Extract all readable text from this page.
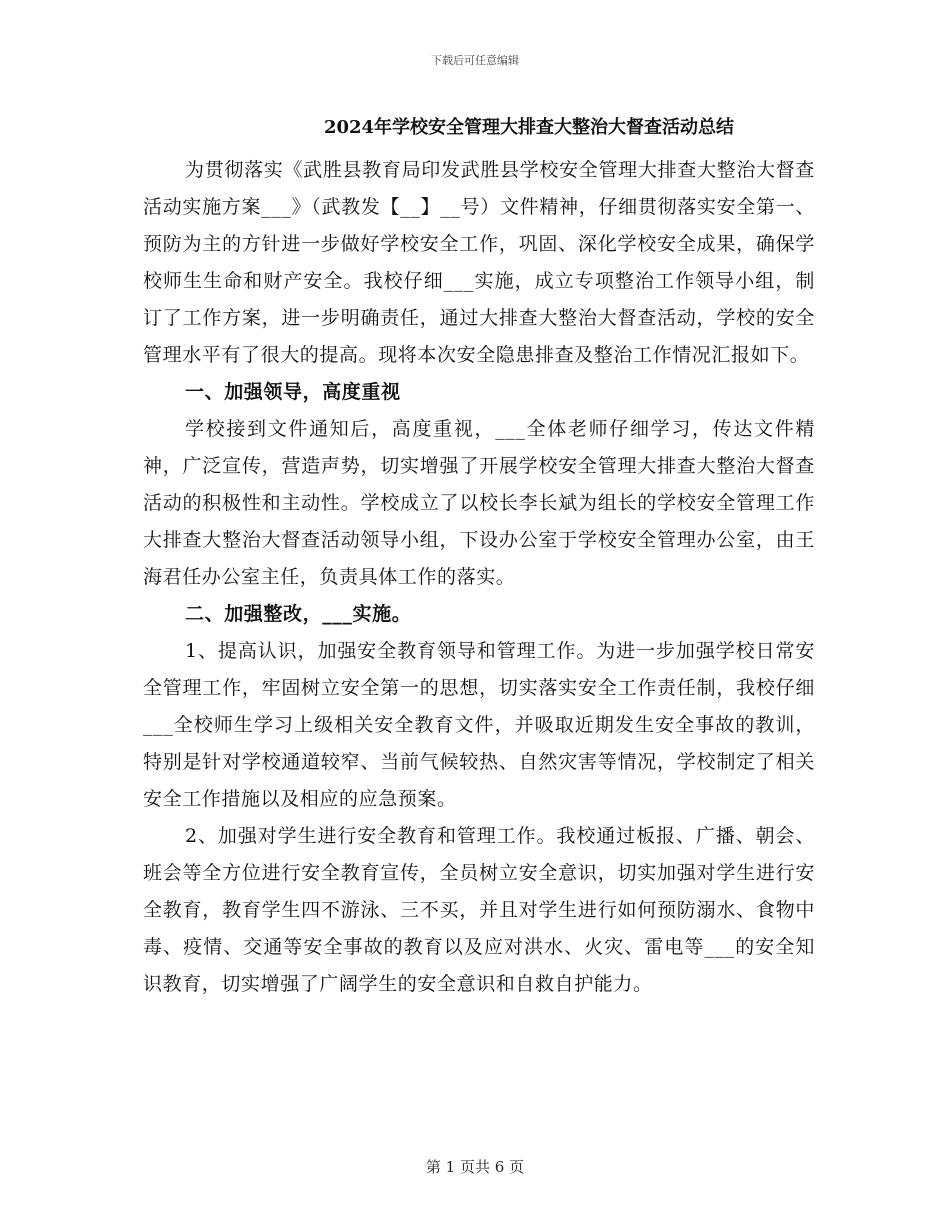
下载后可任意编辑
2024年学校安全管理大排查大整治大督查活动总结

为贯彻落实《武胜县教育局印发武胜县学校安全管理大排查大整治大督查活动实施方案___》（武教发【__】__号）文件精神，仔细贯彻落实安全第一、预防为主的方针进一步做好学校安全工作，巩固、深化学校安全成果，确保学校师生生命和财产安全。我校仔细___实施，成立专项整治工作领导小组，制订了工作方案，进一步明确责任，通过大排查大整治大督查活动，学校的安全管理水平有了很大的提高。现将本次安全隐患排查及整治工作情况汇报如下。

一、加强领导，高度重视

学校接到文件通知后，高度重视，___全体老师仔细学习，传达文件精神，广泛宣传，营造声势，切实增强了开展学校安全管理大排查大整治大督查活动的积极性和主动性。学校成立了以校长李长斌为组长的学校安全管理工作大排查大整治大督查活动领导小组，下设办公室于学校安全管理办公室，由王海君任办公室主任，负责具体工作的落实。

二、加强整改，___实施。

1、提高认识，加强安全教育领导和管理工作。为进一步加强学校日常安全管理工作，牢固树立安全第一的思想，切实落实安全工作责任制，我校仔细___全校师生学习上级相关安全教育文件，并吸取近期发生安全事故的教训，特别是针对学校通道较窄、当前气候较热、自然灾害等情况，学校制定了相关安全工作措施以及相应的应急预案。

2、加强对学生进行安全教育和管理工作。我校通过板报、广播、朝会、班会等全方位进行安全教育宣传，全员树立安全意识，切实加强对学生进行安全教育，教育学生四不游泳、三不买，并且对学生进行如何预防溺水、食物中毒、疫情、交通等安全事故的教育以及应对洪水、火灾、雷电等___的安全知识教育，切实增强了广阔学生的安全意识和自救自护能力。

第 1 页共 6 页
